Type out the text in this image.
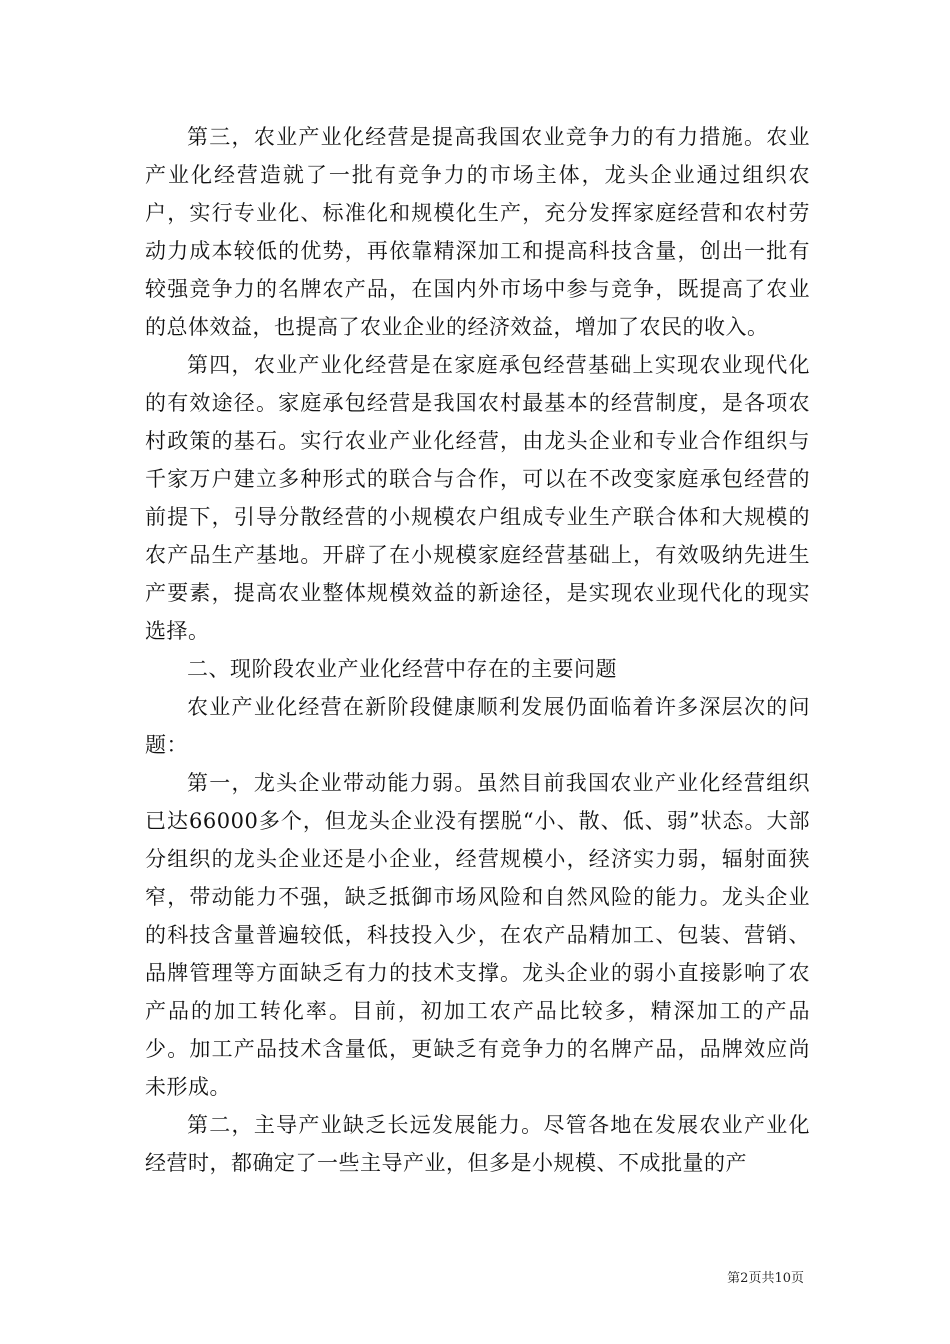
第三，农业产业化经营是提高我国农业竞争力的有力措施。农业产业化经营造就了一批有竞争力的市场主体，龙头企业通过组织农户，实行专业化、标准化和规模化生产，充分发挥家庭经营和农村劳动力成本较低的优势，再依靠精深加工和提高科技含量，创出一批有较强竞争力的名牌农产品，在国内外市场中参与竞争，既提高了农业的总体效益，也提高了农业企业的经济效益，增加了农民的收入。

第四，农业产业化经营是在家庭承包经营基础上实现农业现代化的有效途径。家庭承包经营是我国农村最基本的经营制度，是各项农村政策的基石。实行农业产业化经营，由龙头企业和专业合作组织与千家万户建立多种形式的联合与合作，可以在不改变家庭承包经营的前提下，引导分散经营的小规模农户组成专业生产联合体和大规模的农产品生产基地。开辟了在小规模家庭经营基础上，有效吸纳先进生产要素，提高农业整体规模效益的新途径，是实现农业现代化的现实选择。

二、现阶段农业产业化经营中存在的主要问题

农业产业化经营在新阶段健康顺利发展仍面临着许多深层次的问题：

第一，龙头企业带动能力弱。虽然目前我国农业产业化经营组织已达66000多个，但龙头企业没有摆脱“小、散、低、弱”状态。大部分组织的龙头企业还是小企业，经营规模小，经济实力弱，辐射面狭窄，带动能力不强，缺乏抵御市场风险和自然风险的能力。龙头企业的科技含量普遍较低，科技投入少，在农产品精加工、包装、营销、品牌管理等方面缺乏有力的技术支撑。龙头企业的弱小直接影响了农产品的加工转化率。目前，初加工农产品比较多，精深加工的产品少。加工产品技术含量低，更缺乏有竞争力的名牌产品，品牌效应尚未形成。

第二，主导产业缺乏长远发展能力。尽管各地在发展农业产业化经营时，都确定了一些主导产业，但多是小规模、不成批量的产

第2页共10页
